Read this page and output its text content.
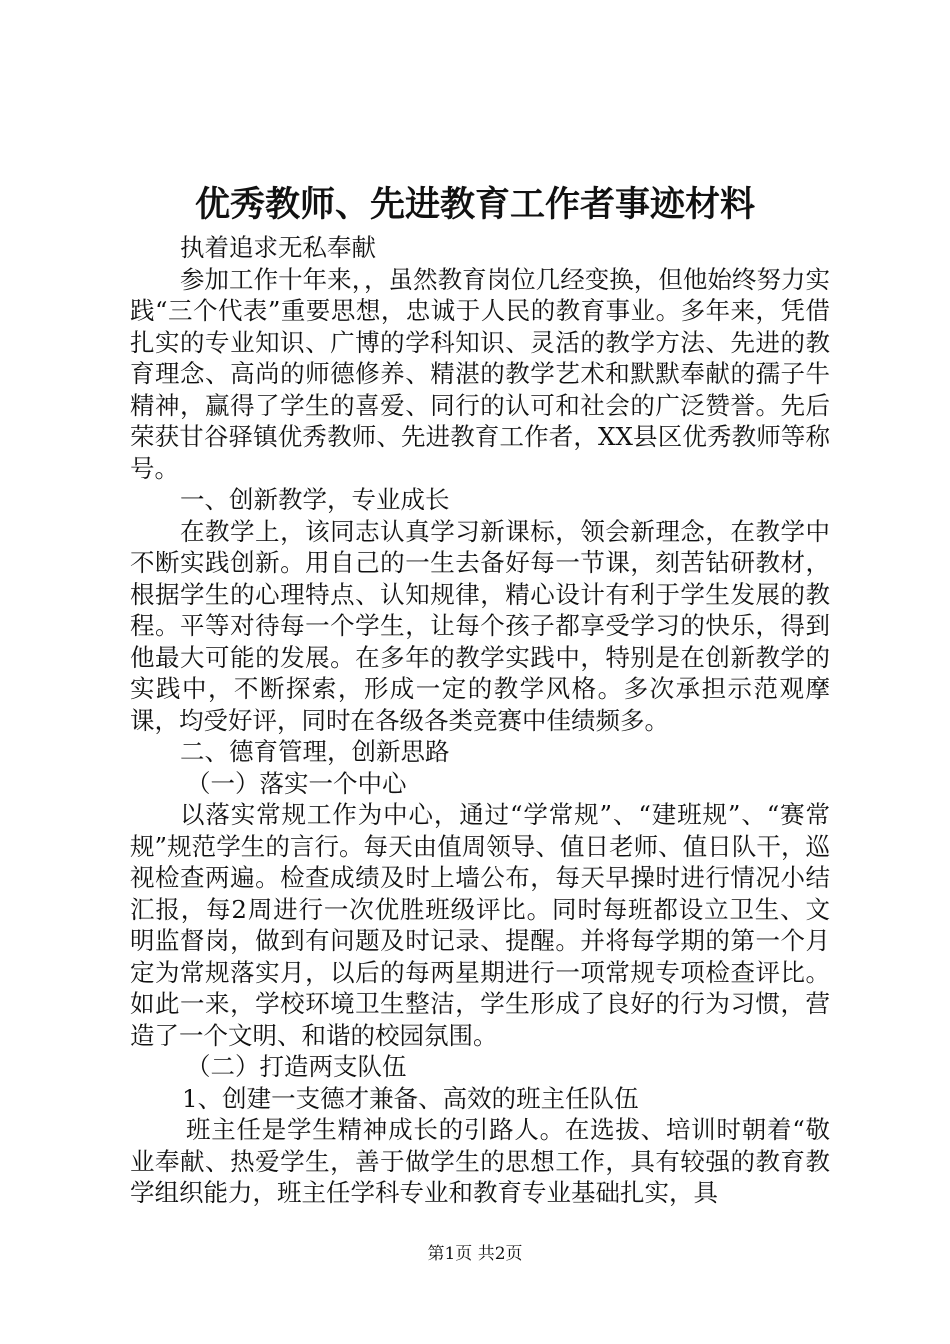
优秀教师、先进教育工作者事迹材料

执着追求无私奉献

参加工作十年来，，虽然教育岗位几经变换，但他始终努力实践“三个代表”重要思想，忠诚于人民的教育事业。多年来，凭借扎实的专业知识、广博的学科知识、灵活的教学方法、先进的教育理念、高尚的师德修养、精湛的教学艺术和默默奉献的孺子牛精神，赢得了学生的喜爱、同行的认可和社会的广泛赞誉。先后荣获甘谷驿镇优秀教师、先进教育工作者，XX县区优秀教师等称号。

一、创新教学，专业成长

在教学上，该同志认真学习新课标，领会新理念，在教学中不断实践创新。用自己的一生去备好每一节课，刻苦钻研教材，根据学生的心理特点、认知规律，精心设计有利于学生发展的教程。平等对待每一个学生，让每个孩子都享受学习的快乐，得到他最大可能的发展。在多年的教学实践中，特别是在创新教学的实践中，不断探索，形成一定的教学风格。多次承担示范观摩课，均受好评，同时在各级各类竞赛中佳绩频多。

二、德育管理，创新思路

（一）落实一个中心

以落实常规工作为中心，通过“学常规”、“建班规”、“赛常规”规范学生的言行。每天由值周领导、值日老师、值日队干，巡视检查两遍。检查成绩及时上墙公布，每天早操时进行情况小结汇报，每2周进行一次优胜班级评比。同时每班都设立卫生、文明监督岗，做到有问题及时记录、提醒。并将每学期的第一个月定为常规落实月，以后的每两星期进行一项常规专项检查评比。如此一来，学校环境卫生整洁，学生形成了良好的行为习惯，营造了一个文明、和谐的校园氛围。

（二）打造两支队伍

1、创建一支德才兼备、高效的班主任队伍

班主任是学生精神成长的引路人。在选拔、培训时朝着“敬业奉献、热爱学生，善于做学生的思想工作，具有较强的教育教学组织能力，班主任学科专业和教育专业基础扎实，具

第1页 共2页
